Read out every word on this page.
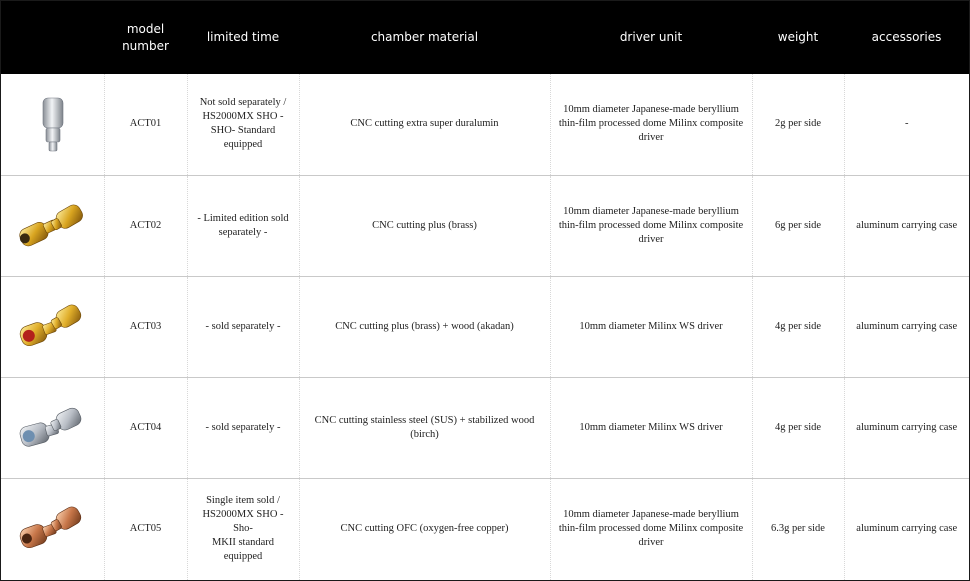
	model
number	limited time	chamber material	driver unit	weight	accessories

	ACT01	Not sold separately /
HS2000MX SHO -
SHO- Standard
equipped	CNC cutting extra super duralumin	10mm diameter Japanese-made beryllium
thin-film processed dome Milinx composite
driver	2g per side	-

	ACT02	- Limited edition sold
separately -	CNC cutting plus (brass)	10mm diameter Japanese-made beryllium
thin-film processed dome Milinx composite
driver	6g per side	aluminum carrying case

	ACT03	- sold separately -	CNC cutting plus (brass) + wood (akadan)	10mm diameter Milinx WS driver	4g per side	aluminum carrying case

	ACT04	- sold separately -	CNC cutting stainless steel (SUS) + stabilized wood
(birch)	10mm diameter Milinx WS driver	4g per side	aluminum carrying case

	ACT05	Single item sold /
HS2000MX SHO -Sho-
MKII standard equipped	CNC cutting OFC (oxygen-free copper)	10mm diameter Japanese-made beryllium
thin-film processed dome Milinx composite
driver	6.3g per side	aluminum carrying case
